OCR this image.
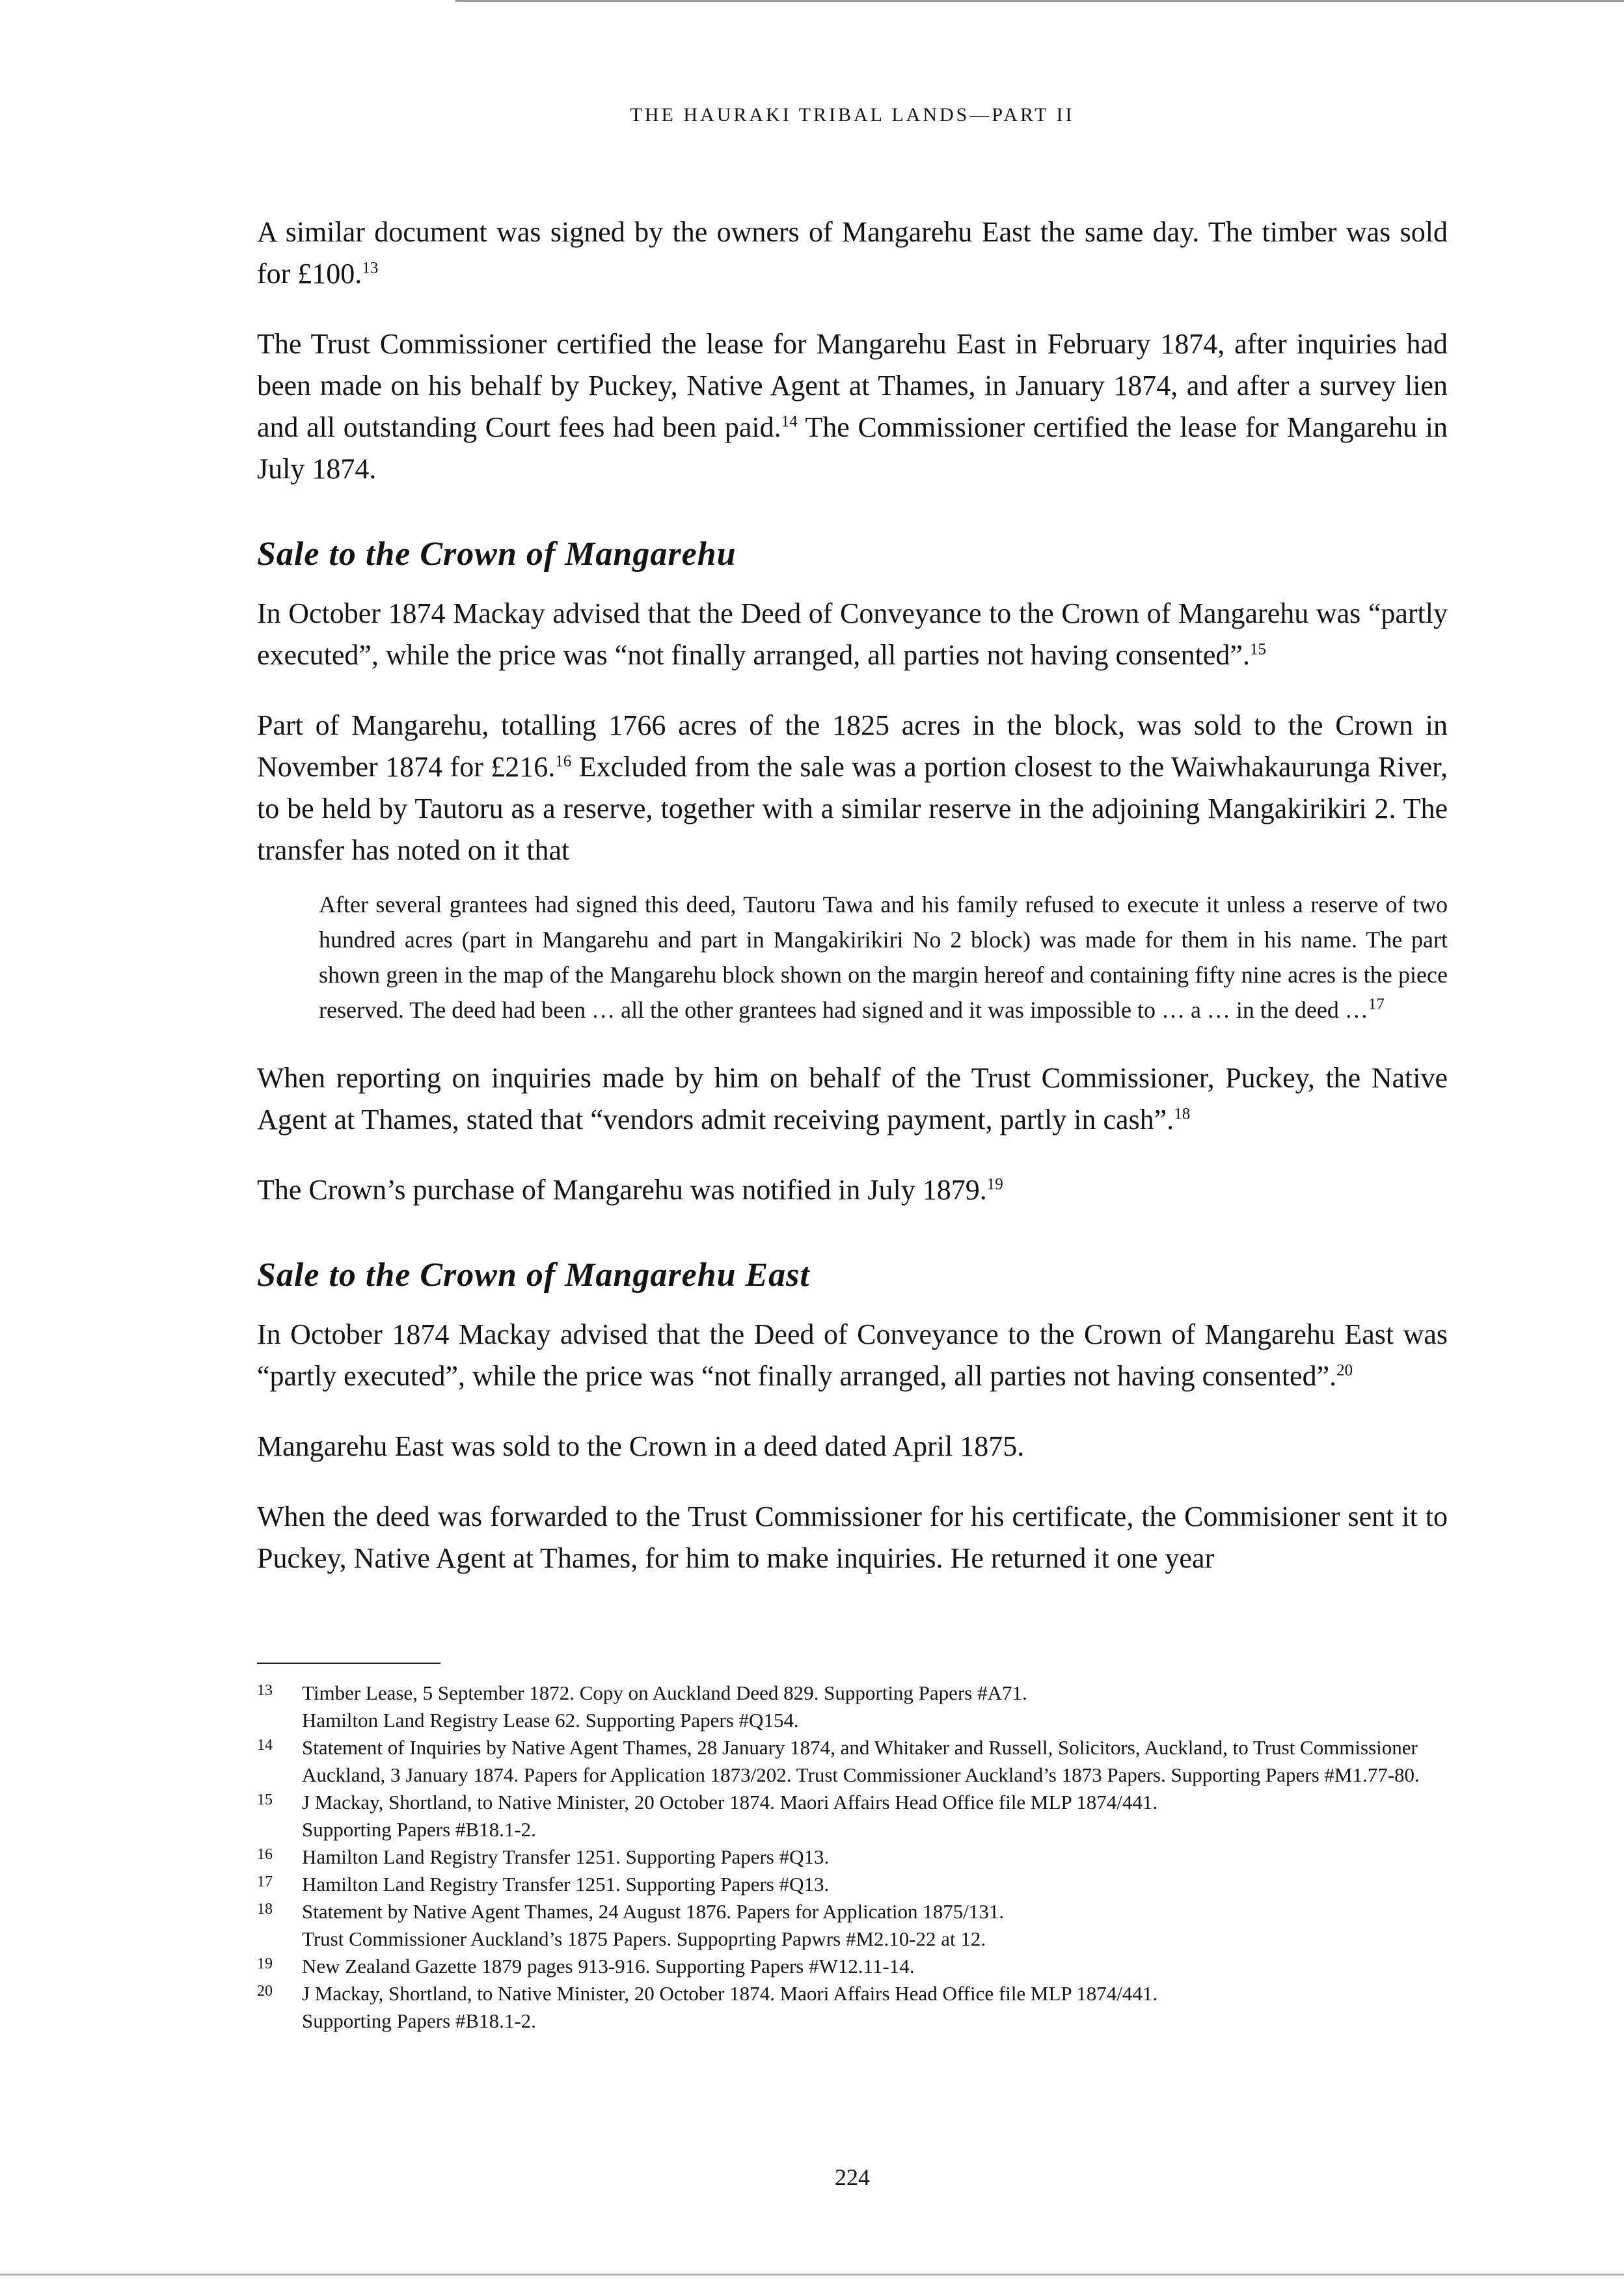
THE HAURAKI TRIBAL LANDS—PART II

A similar document was signed by the owners of Mangarehu East the same day. The timber was sold for £100.13

The Trust Commissioner certified the lease for Mangarehu East in February 1874, after inquiries had been made on his behalf by Puckey, Native Agent at Thames, in January 1874, and after a survey lien and all outstanding Court fees had been paid.$^{14}$ The Commissioner certified the lease for Mangarehu in July 1874.

Sale to the Crown of Mangarehu

In October 1874 Mackay advised that the Deed of Conveyance to the Crown of Mangarehu was “partly executed”, while the price was “not finally arranged, all parties not having consented”.$^{15}$

Part of Mangarehu, totalling 1766 acres of the 1825 acres in the block, was sold to the Crown in November 1874 for £216.16 Excluded from the sale was a portion closest to the Waiwhakaurunga River, to be held by Tautoru as a reserve, together with a similar reserve in the adjoining Mangakirikiri 2. The transfer has noted on it that

After several grantees had signed this deed, Tautoru Tawa and his family refused to execute it unless a reserve of two hundred acres (part in Mangarehu and part in Mangakirikiri No 2 block) was made for them in his name. The part shown green in the map of the Mangarehu block shown on the margin hereof and containing fifty nine acres is the piece reserved. The deed had been … all the other grantees had signed and it was impossible to … a … in the deed …$^{17}$

When reporting on inquiries made by him on behalf of the Trust Commissioner, Puckey, the Native Agent at Thames, stated that “vendors admit receiving payment, partly in cash”.$^{18}$

The Crown’s purchase of Mangarehu was notified in July 1879.19

Sale to the Crown of Mangarehu East

In October 1874 Mackay advised that the Deed of Conveyance to the Crown of Mangarehu East was “partly executed”, while the price was “not finally arranged, all parties not having consented”.$^{20}$

Mangarehu East was sold to the Crown in a deed dated April 1875.

When the deed was forwarded to the Trust Commissioner for his certificate, the Commisioner sent it to Puckey, Native Agent at Thames, for him to make inquiries. He returned it one year

13	Timber Lease, 5 September 1872. Copy on Auckland Deed 829. Supporting Papers #A71.
Hamilton Land Registry Lease 62. Supporting Papers #Q154.
14	Statement of Inquiries by Native Agent Thames, 28 January 1874, and Whitaker and Russell, Solicitors, Auckland, to Trust Commissioner Auckland, 3 January 1874. Papers for Application 1873/202. Trust Commissioner Auckland’s 1873 Papers. Supporting Papers #M1.77-80.
15	J Mackay, Shortland, to Native Minister, 20 October 1874. Maori Affairs Head Office file MLP 1874/441.
Supporting Papers #B18.1-2.
16	Hamilton Land Registry Transfer 1251. Supporting Papers #Q13.
17	Hamilton Land Registry Transfer 1251. Supporting Papers #Q13.
18	Statement by Native Agent Thames, 24 August 1876. Papers for Application 1875/131.
Trust Commissioner Auckland’s 1875 Papers. Suppoprting Papwrs #M2.10-22 at 12.
19	New Zealand Gazette 1879 pages 913-916. Supporting Papers #W12.11-14.
20	J Mackay, Shortland, to Native Minister, 20 October 1874. Maori Affairs Head Office file MLP 1874/441.
Supporting Papers #B18.1-2.
224
